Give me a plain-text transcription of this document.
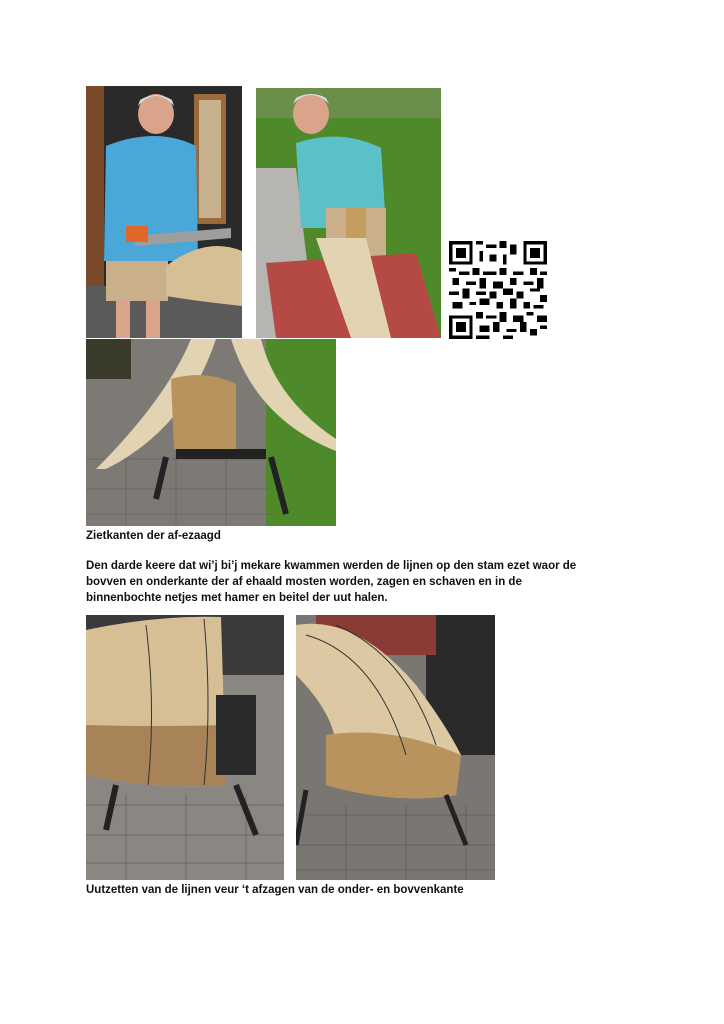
Zietkanten der af-ezaagd

Den darde keere dat wi’j bi’j mekare kwammen werden de lijnen op den stam ezet waor de

bovven en onderkante der af ehaald mosten worden, zagen en schaven en in de

binnenbochte netjes met hamer en beitel der uut halen.

Uutzetten van de lijnen veur ‘t afzagen van de onder- en bovvenkante
